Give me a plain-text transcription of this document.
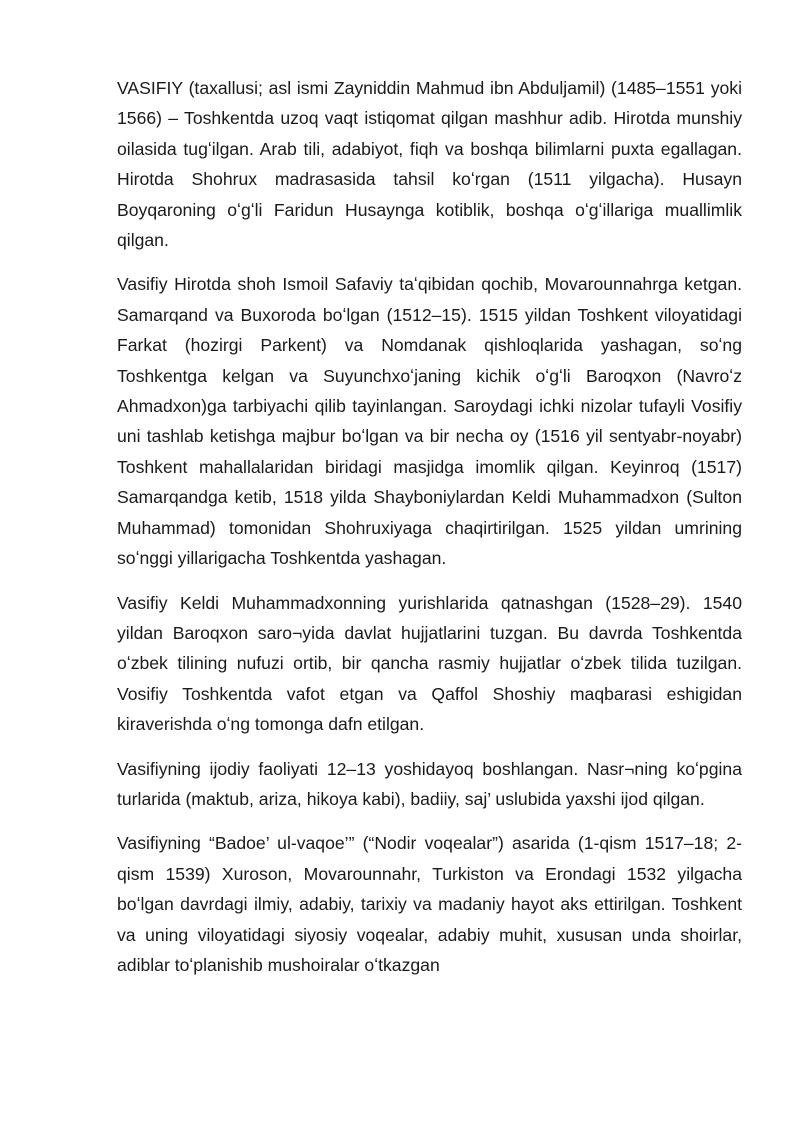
VASIFIY (taxallusi; asl ismi Zayniddin Mahmud ibn Abduljamil) (1485–1551 yoki 1566) – Toshkentda uzoq vaqt istiqomat qilgan mashhur adib. Hirotda munshiy oilasida tugʻilgan. Arab tili, adabiyot, fiqh va boshqa bilimlarni puxta egallagan. Hirotda Shohrux madrasasida tahsil koʻrgan (1511 yilgacha). Husayn Boyqaroning oʻgʻli Faridun Husaynga kotiblik, boshqa oʻgʻillariga muallimlik qilgan.

Vasifiy Hirotda shoh Ismoil Safaviy taʻqibidan qochib, Movarounnahrga ketgan. Samarqand va Buxoroda boʻlgan (1512–15). 1515 yildan Toshkent viloyatidagi Farkat (hozirgi Parkent) va Nomdanak qishloqlarida yashagan, soʻng Toshkentga kelgan va Suyunchxoʻjaning kichik oʻgʻli Baroqxon (Navroʻz Ahmadxon)ga tarbiyachi qilib tayinlangan. Saroydagi ichki nizolar tufayli Vosifiy uni tashlab ketishga majbur boʻlgan va bir necha oy (1516 yil sentyabr-noyabr) Toshkent mahallalaridan biridagi masjidga imomlik qilgan. Keyinroq (1517) Samarqandga ketib, 1518 yilda Shayboniylardan Keldi Muhammadxon (Sulton Muhammad) tomonidan Shohruxiyaga chaqirtirilgan. 1525 yildan umrining soʻnggi yillarigacha Toshkentda yashagan.

Vasifiy Keldi Muhammadxonning yurishlarida qatnashgan (1528–29). 1540 yildan Baroqxon saro¬yida davlat hujjatlarini tuzgan. Bu davrda Toshkentda oʻzbek tilining nufuzi ortib, bir qancha rasmiy hujjatlar oʻzbek tilida tuzilgan. Vosifiy Toshkentda vafot etgan va Qaffol Shoshiy maqbarasi eshigidan kiraverishda oʻng tomonga dafn etilgan.

Vasifiyning ijodiy faoliyati 12–13 yoshidayoq boshlangan. Nasr¬ning koʻpgina turlarida (maktub, ariza, hikoya kabi), badiiy, saj’ uslubida yaxshi ijod qilgan.

Vasifiyning “Badoe’ ul-vaqoe’” (“Nodir voqealar”) asarida (1-qism 1517–18; 2-qism 1539) Xuroson, Movarounnahr, Turkiston va Erondagi 1532 yilgacha boʻlgan davrdagi ilmiy, adabiy, tarixiy va madaniy hayot aks ettirilgan. Toshkent va uning viloyatidagi siyosiy voqealar, adabiy muhit, xususan unda shoirlar, adiblar toʻplanishib mushoiralar oʻtkazgan
